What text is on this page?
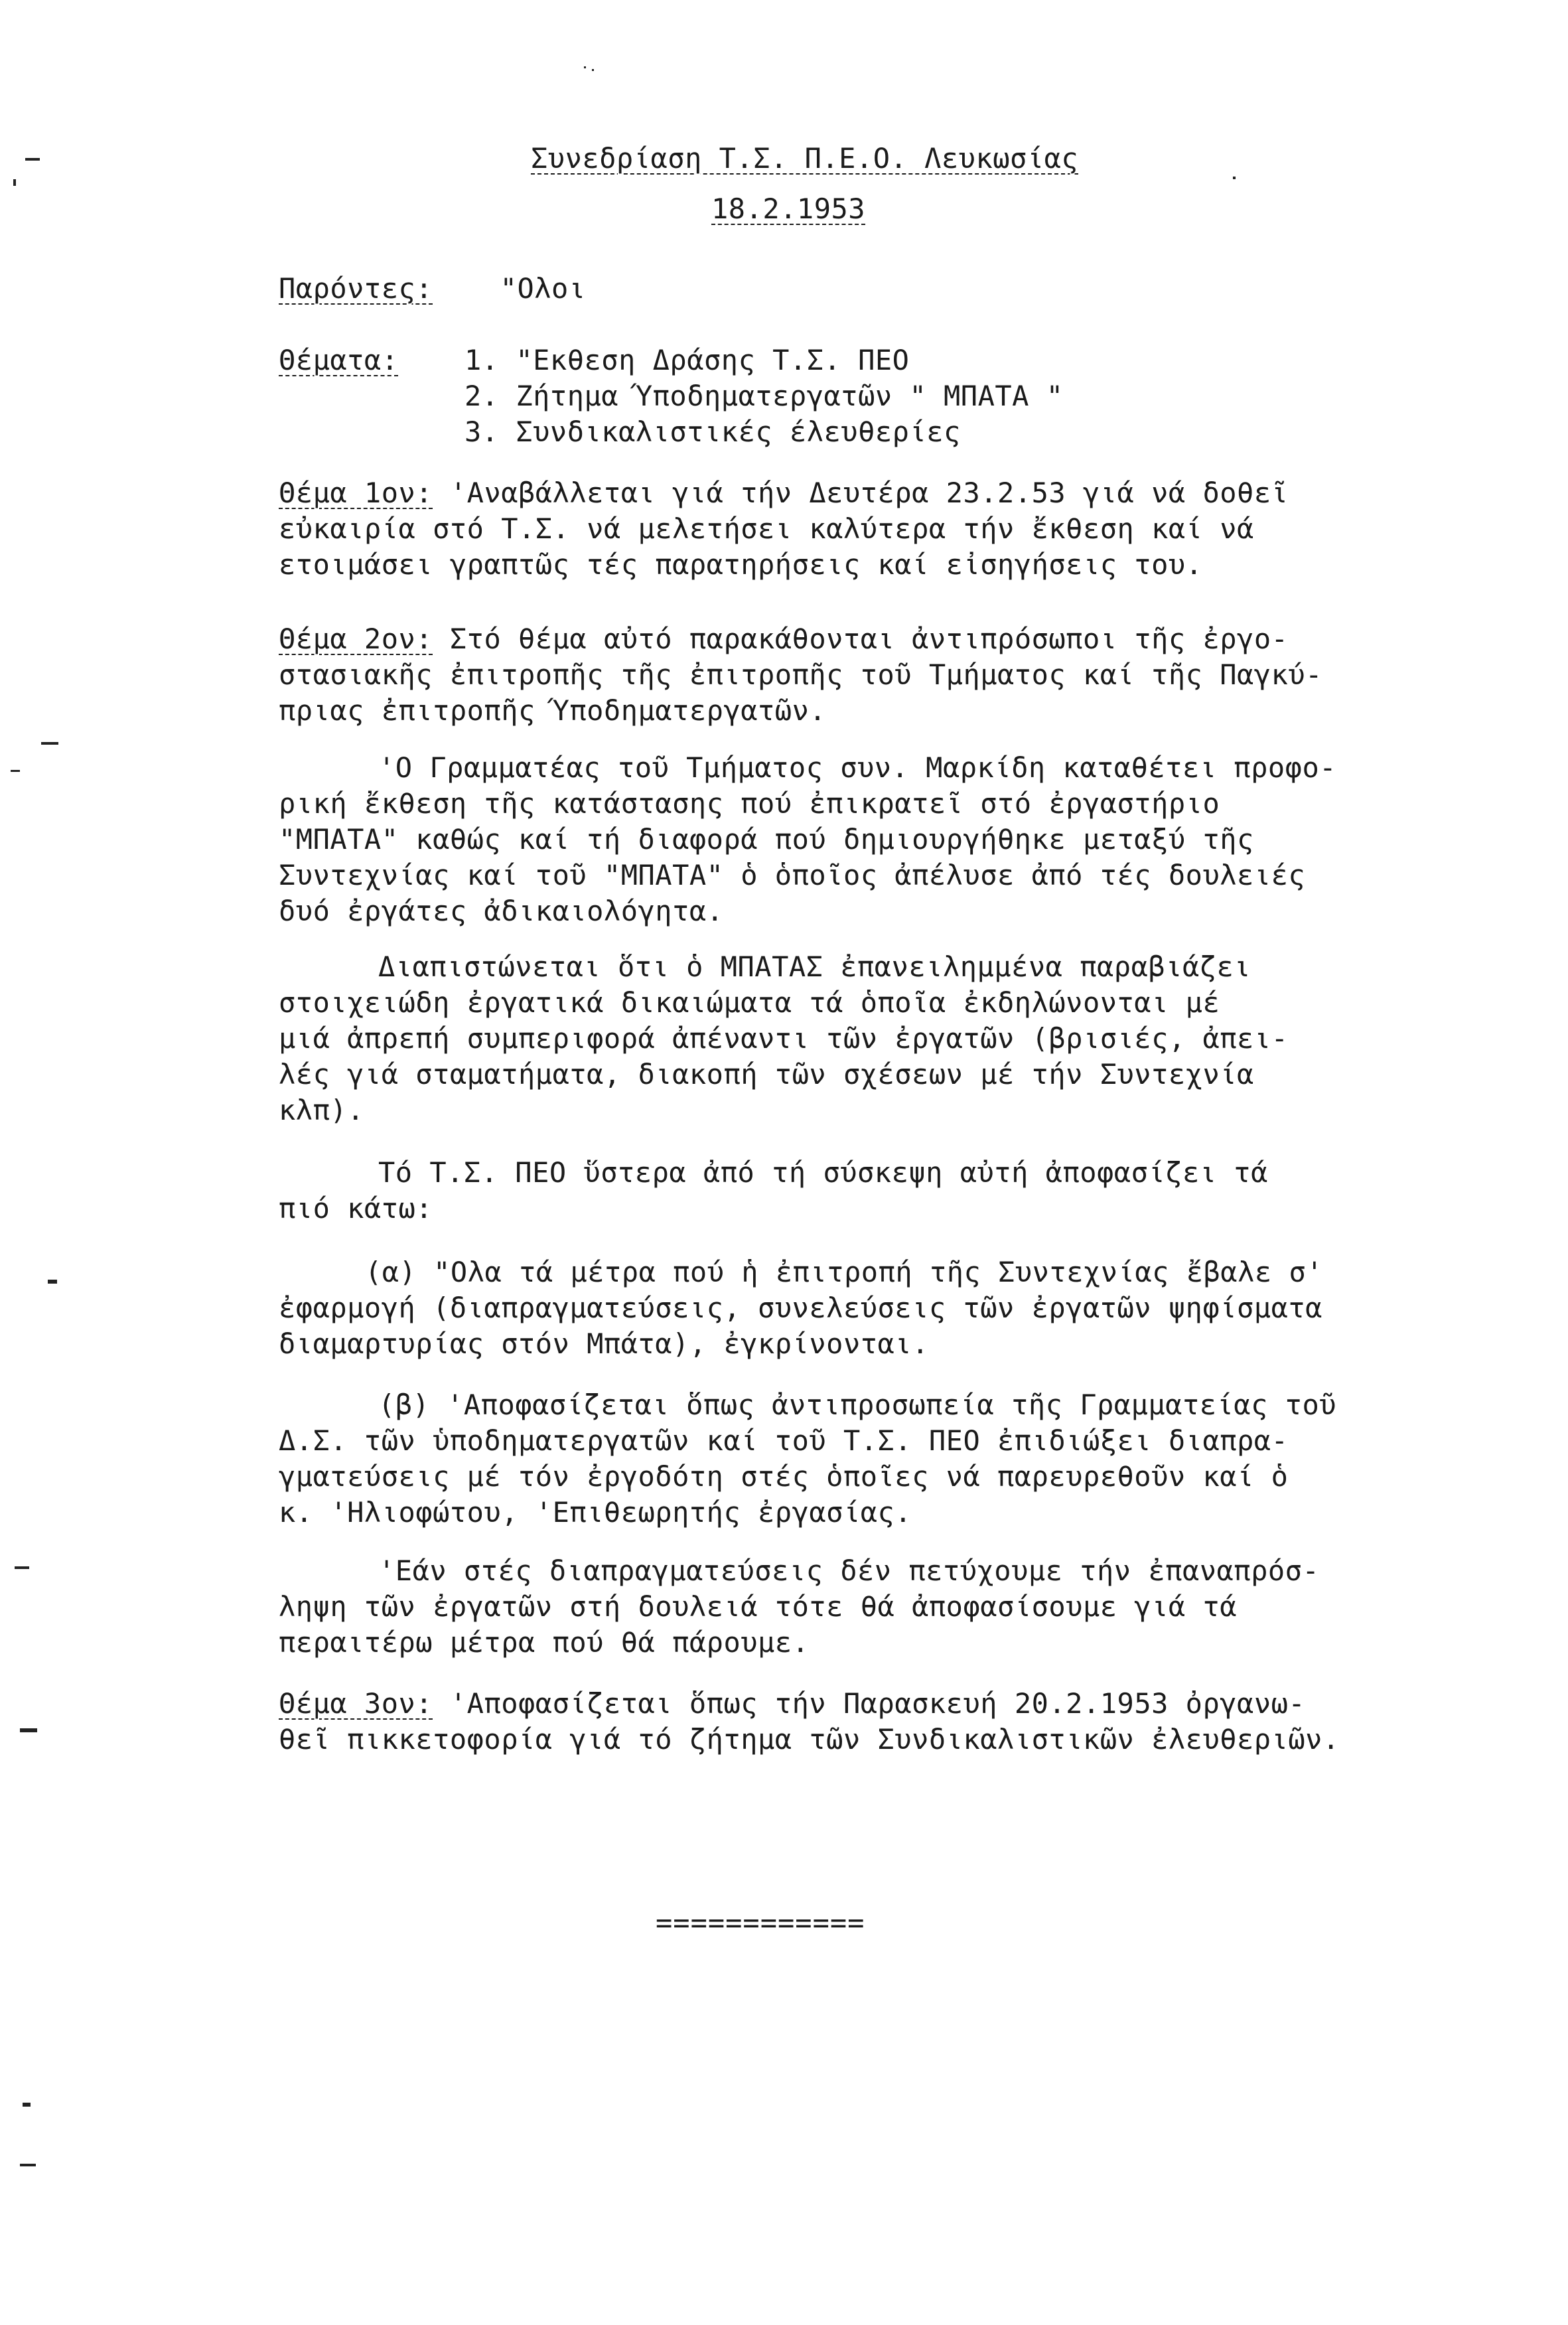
Συνεδρίαση Τ.Σ. Π.Ε.Ο. Λευκωσίας
18.2.1953
Παρόντες: "Ολοι
Θέματα: 1. "Εκθεση Δράσης Τ.Σ. ΠΕΟ
2. Ζήτημα Ύποδηματεργατῶν " ΜΠΑΤΑ "
3. Συνδικαλιστικές έλευθερίες
Θέμα 1ον: 'Αναβάλλεται γιά τήν Δευτέρα 23.2.53 γιά νά δοθεῖ
εὐκαιρία στό Τ.Σ. νά μελετήσει καλύτερα τήν ἔκθεση καί νά
ετοιμάσει γραπτῶς τές παρατηρήσεις καί εἰσηγήσεις του.
Θέμα 2ον: Στό θέμα αὐτό παρακάθονται ἀντιπρόσωποι τῆς ἐργο-
στασιακῆς ἐπιτροπῆς τῆς ἐπιτροπῆς τοῦ Τμήματος καί τῆς Παγκύ-
πριας ἐπιτροπῆς Ύποδηματεργατῶν.
'Ο Γραμματέας τοῦ Τμήματος συν. Μαρκίδη καταθέτει προφο-
ρική ἔκθεση τῆς κατάστασης πού ἐπικρατεῖ στό ἐργαστήριο
"ΜΠΑΤΑ" καθώς καί τή διαφορά πού δημιουργήθηκε μεταξύ τῆς
Συντεχνίας καί τοῦ "ΜΠΑΤΑ" ὁ ὁποῖος ἀπέλυσε ἀπό τές δουλειές
δυό ἐργάτες ἀδικαιολόγητα.
Διαπιστώνεται ὅτι ὁ ΜΠΑΤΑΣ ἐπανειλημμένα παραβιάζει
στοιχειώδη ἐργατικά δικαιώματα τά ὁποῖα ἐκδηλώνονται μέ
μιά ἀπρεπή συμπεριφορά ἀπέναντι τῶν ἐργατῶν (βρισιές, ἀπει-
λές γιά σταματήματα, διακοπή τῶν σχέσεων μέ τήν Συντεχνία
κλπ).
Τό Τ.Σ. ΠΕΟ ὕστερα ἀπό τή σύσκεψη αὐτή ἀποφασίζει τά
πιό κάτω:
(α) "Ολα τά μέτρα πού ἡ ἐπιτροπή τῆς Συντεχνίας ἔβαλε σ'
ἐφαρμογή (διαπραγματεύσεις, συνελεύσεις τῶν ἐργατῶν ψηφίσματα
διαμαρτυρίας στόν Μπάτα), ἐγκρίνονται.
(β) 'Αποφασίζεται ὅπως ἀντιπροσωπεία τῆς Γραμματείας τοῦ
Δ.Σ. τῶν ὑποδηματεργατῶν καί τοῦ Τ.Σ. ΠΕΟ ἐπιδιώξει διαπρα-
γματεύσεις μέ τόν ἐργοδότη στές ὁποῖες νά παρευρεθοῦν καί ὁ
κ. 'Ηλιοφώτου, 'Επιθεωρητής ἐργασίας.
'Εάν στές διαπραγματεύσεις δέν πετύχουμε τήν ἐπαναπρόσ-
ληψη τῶν ἐργατῶν στή δουλειά τότε θά ἀποφασίσουμε γιά τά
περαιτέρω μέτρα πού θά πάρουμε.
Θέμα 3ον: 'Αποφασίζεται ὅπως τήν Παρασκευή 20.2.1953 ὀργανω-
θεῖ πικκετοφορία γιά τό ζήτημα τῶν Συνδικαλιστικῶν ἐλευθεριῶν.
============
